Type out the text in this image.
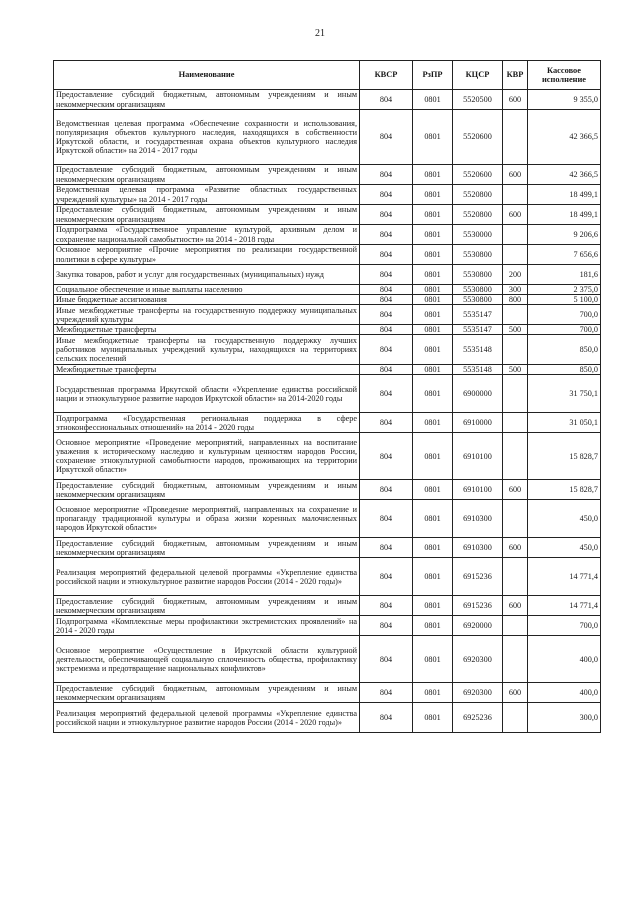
21
Наименование	КВСР	РзПР	КЦСР	КВР	Кассовое исполнение
Предоставление субсидий бюджетным, автономным учреждениям и иным некоммерческим организациям	804	0801	5520500	600	9 355,0
Ведомственная целевая программа «Обеспечение сохранности и использования, популяризация объектов культурного наследия, находящихся в собственности Иркутской области, и государственная охрана объектов культурного наследия Иркутской области» на 2014 - 2017 годы	804	0801	5520600		42 366,5
Предоставление субсидий бюджетным, автономным учреждениям и иным некоммерческим организациям	804	0801	5520600	600	42 366,5
Ведомственная целевая программа «Развитие областных государственных учреждений культуры» на 2014 - 2017 годы	804	0801	5520800		18 499,1
Предоставление субсидий бюджетным, автономным учреждениям и иным некоммерческим организациям	804	0801	5520800	600	18 499,1
Подпрограмма «Государственное управление культурой, архивным делом и сохранение национальной самобытности» на 2014 - 2018 годы	804	0801	5530000		9 206,6
Основное мероприятие «Прочие мероприятия по реализации государственной политики в сфере культуры»	804	0801	5530800		7 656,6
Закупка товаров, работ и услуг для государственных (муниципальных) нужд	804	0801	5530800	200	181,6
Социальное обеспечение и иные выплаты населению	804	0801	5530800	300	2 375,0
Иные бюджетные ассигнования	804	0801	5530800	800	5 100,0
Иные межбюджетные трансферты на государственную поддержку муниципальных учреждений культуры	804	0801	5535147		700,0
Межбюджетные трансферты	804	0801	5535147	500	700,0
Иные межбюджетные трансферты на государственную поддержку лучших работников муниципальных учреждений культуры, находящихся на территориях сельских поселений	804	0801	5535148		850,0
Межбюджетные трансферты	804	0801	5535148	500	850,0
Государственная программа Иркутской области «Укрепление единства российской нации и этнокультурное развитие народов Иркутской области» на 2014-2020 годы	804	0801	6900000		31 750,1
Подпрограмма «Государственная региональная поддержка в сфере этноконфессиональных отношений» на 2014 - 2020 годы	804	0801	6910000		31 050,1
Основное мероприятие «Проведение мероприятий, направленных на воспитание уважения к историческому наследию и культурным ценностям народов России, сохранение этнокультурной самобытности народов, проживающих на территории Иркутской области»	804	0801	6910100		15 828,7
Предоставление субсидий бюджетным, автономным учреждениям и иным некоммерческим организациям	804	0801	6910100	600	15 828,7
Основное мероприятие «Проведение мероприятий, направленных на сохранение и пропаганду традиционной культуры и образа жизни коренных малочисленных народов Иркутской области»	804	0801	6910300		450,0
Предоставление субсидий бюджетным, автономным учреждениям и иным некоммерческим организациям	804	0801	6910300	600	450,0
Реализация мероприятий федеральной целевой программы «Укрепление единства российской нации и этнокультурное развитие народов России (2014 - 2020 годы)»	804	0801	6915236		14 771,4
Предоставление субсидий бюджетным, автономным учреждениям и иным некоммерческим организациям	804	0801	6915236	600	14 771,4
Подпрограмма «Комплексные меры профилактики экстремистских проявлений» на 2014 - 2020 годы	804	0801	6920000		700,0
Основное мероприятие «Осуществление в Иркутской области культурной деятельности, обеспечивающей социальную сплоченность общества, профилактику экстремизма и предотвращение национальных конфликтов»	804	0801	6920300		400,0
Предоставление субсидий бюджетным, автономным учреждениям и иным некоммерческим организациям	804	0801	6920300	600	400,0
Реализация мероприятий федеральной целевой программы «Укрепление единства российской нации и этнокультурное развитие народов России (2014 - 2020 годы)»	804	0801	6925236		300,0
